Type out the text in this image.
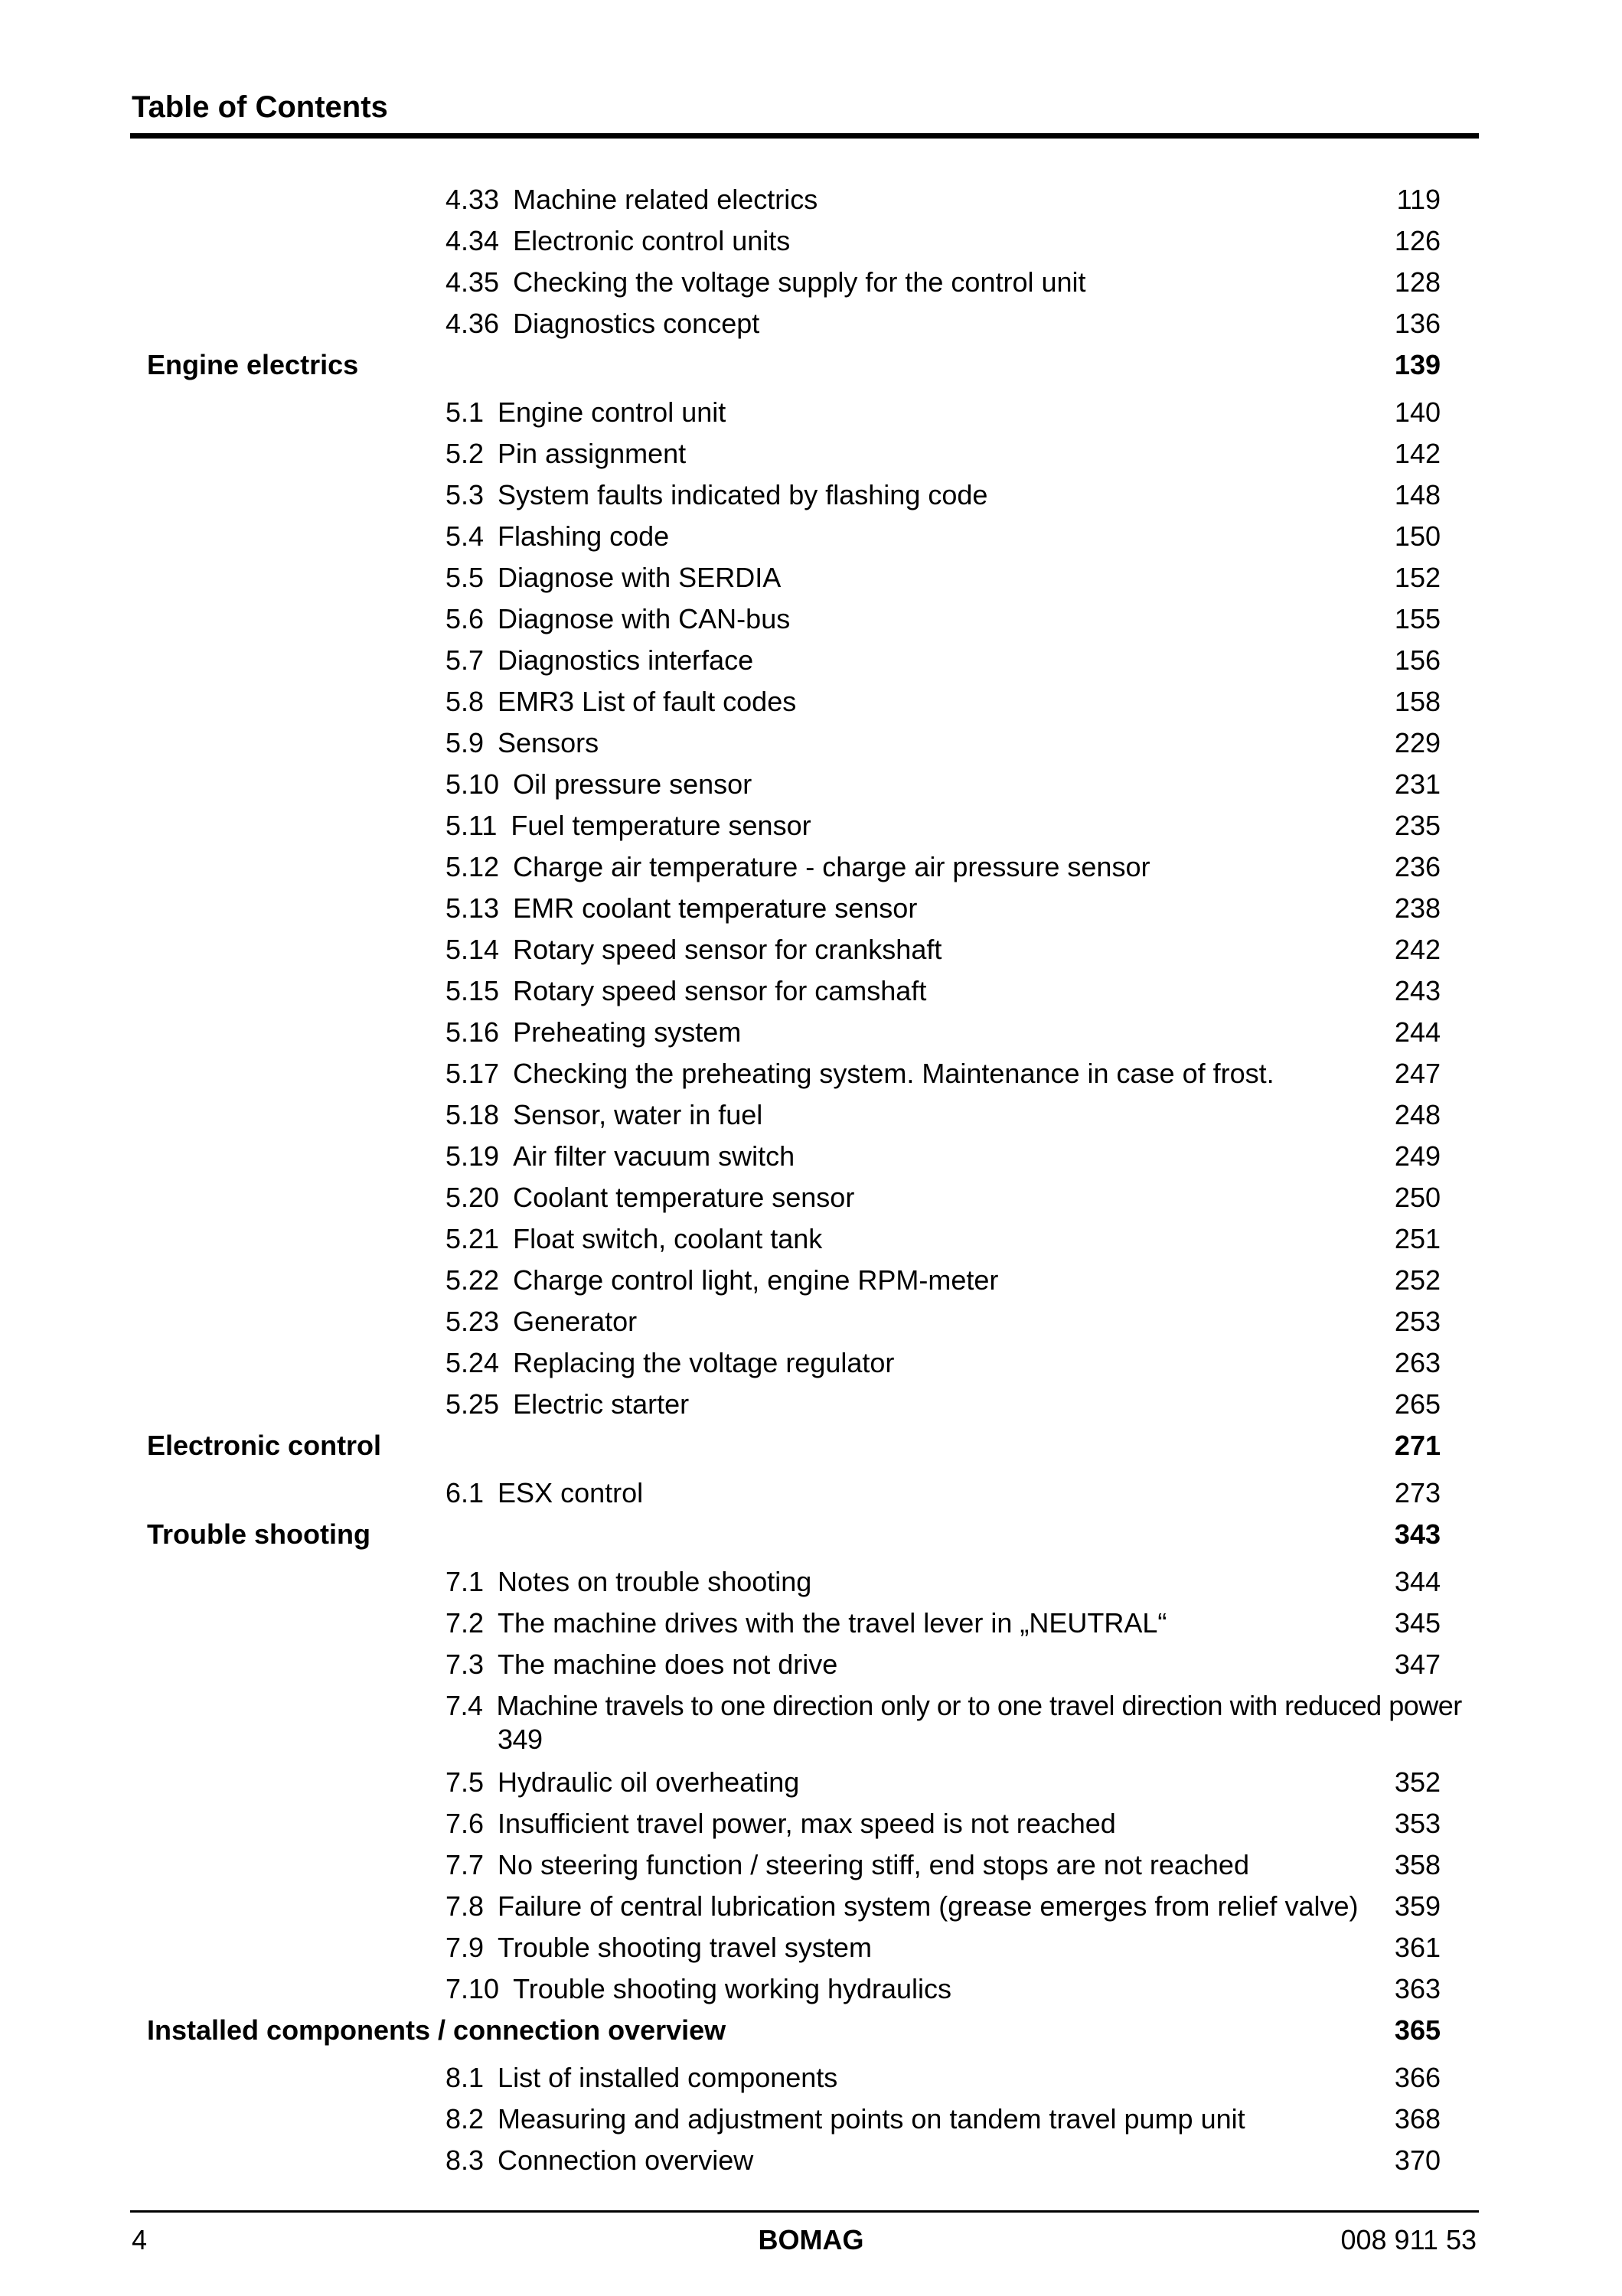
Table of Contents
4.33 Machine related electrics	119
4.34 Electronic control units	126
4.35 Checking the voltage supply for the control unit	128
4.36 Diagnostics concept	136
Engine electrics	139
5.1 Engine control unit	140
5.2 Pin assignment	142
5.3 System faults indicated by flashing code	148
5.4 Flashing code	150
5.5 Diagnose with SERDIA	152
5.6 Diagnose with CAN-bus	155
5.7 Diagnostics interface	156
5.8 EMR3 List of fault codes	158
5.9 Sensors	229
5.10 Oil pressure sensor	231
5.11 Fuel temperature sensor	235
5.12 Charge air temperature - charge air pressure sensor	236
5.13 EMR coolant temperature sensor	238
5.14 Rotary speed sensor for crankshaft	242
5.15 Rotary speed sensor for camshaft	243
5.16 Preheating system	244
5.17 Checking the preheating system. Maintenance in case of frost.	247
5.18 Sensor, water in fuel	248
5.19 Air filter vacuum switch	249
5.20 Coolant temperature sensor	250
5.21 Float switch, coolant tank	251
5.22 Charge control light, engine RPM-meter	252
5.23 Generator	253
5.24 Replacing the voltage regulator	263
5.25 Electric starter	265
Electronic control	271
6.1 ESX control	273
Trouble shooting	343
7.1 Notes on trouble shooting	344
7.2 The machine drives with the travel lever in „NEUTRAL“	345
7.3 The machine does not drive	347
7.4 Machine travels to one direction only or to one travel direction with reduced power
349
7.5 Hydraulic oil overheating	352
7.6 Insufficient travel power, max speed is not reached	353
7.7 No steering function / steering stiff, end stops are not reached	358
7.8 Failure of central lubrication system (grease emerges from relief valve)	359
7.9 Trouble shooting travel system	361
7.10 Trouble shooting working hydraulics	363
Installed components / connection overview	365
8.1 List of installed components	366
8.2 Measuring and adjustment points on tandem travel pump unit	368
8.3 Connection overview	370
4	BOMAG	008 911 53
